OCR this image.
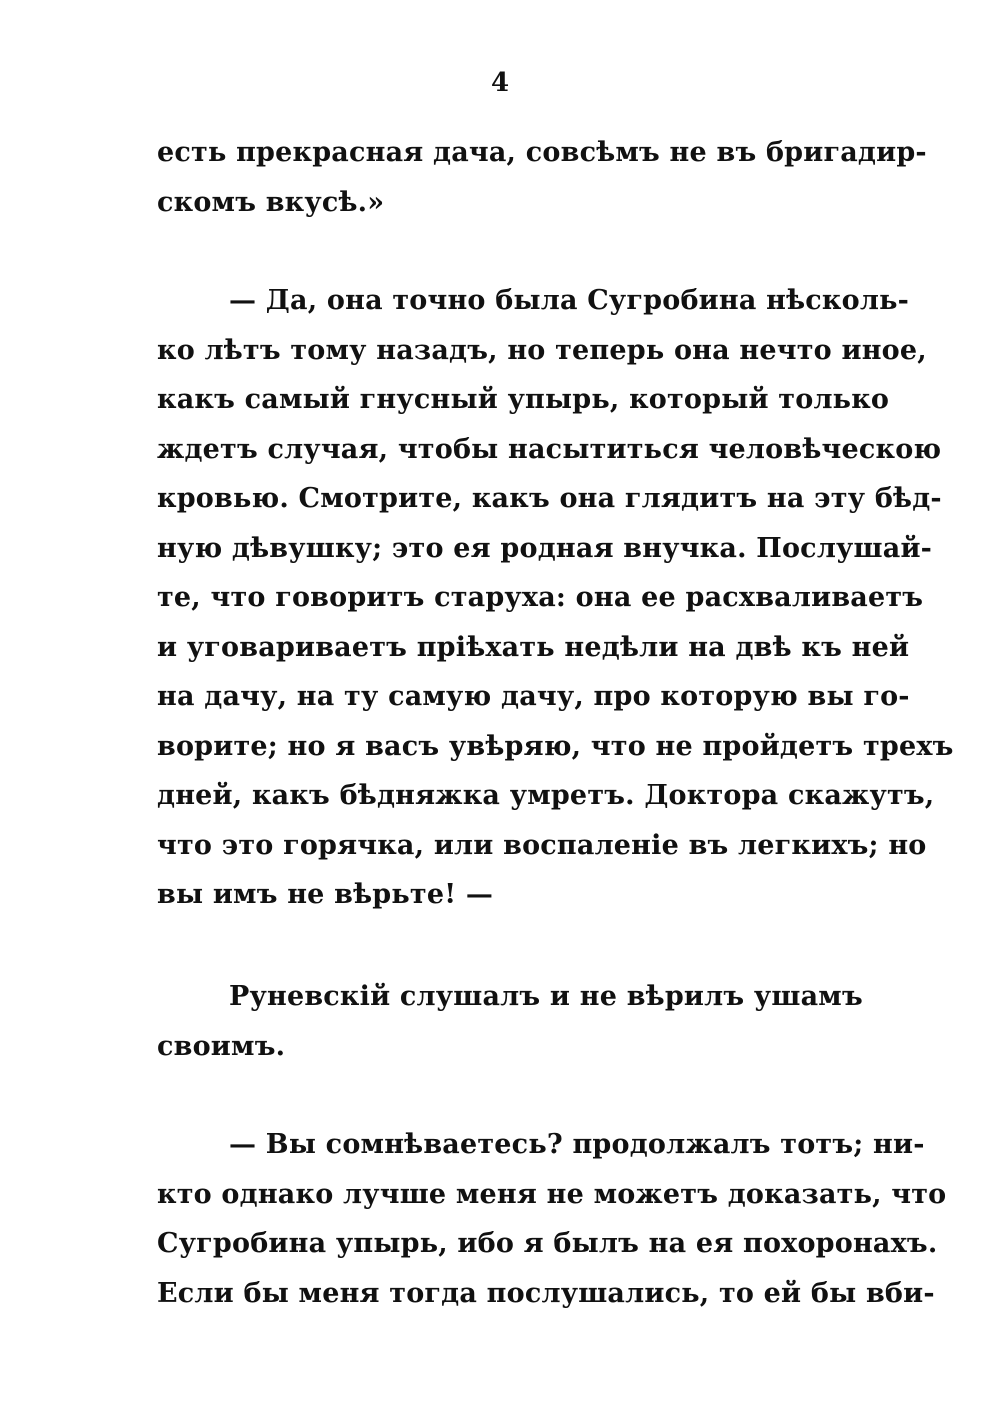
4
есть прекрасная дача, совсѣмъ не въ бригадир-
скомъ вкусѣ.»
— Да, она точно была Сугробина нѣсколь-
ко лѣтъ тому назадъ, но теперь она нечто иное,
какъ самый гнусный упырь, который только
ждетъ случая, чтобы насытиться человѣческою
кровью. Смотрите, какъ она глядитъ на эту бѣд-
ную дѣвушку; это ея родная внучка. Послушай-
те, что говоритъ старуха: она ее расхваливаетъ
и уговариваетъ пріѣхать недѣли на двѣ къ ней
на дачу, на ту самую дачу, про которую вы го-
ворите; но я васъ увѣряю, что не пройдетъ трехъ
дней, какъ бѣдняжка умретъ. Доктора скажутъ,
что это горячка, или воспаленіе въ легкихъ; но
вы имъ не вѣрьте! —
Руневскій слушалъ и не вѣрилъ ушамъ
своимъ.
— Вы сомнѣваетесь? продолжалъ тотъ; ни-
кто однако лучше меня не можетъ доказать, что
Сугробина упырь, ибо я былъ на ея похоронахъ.
Если бы меня тогда послушались, то ей бы вби-
